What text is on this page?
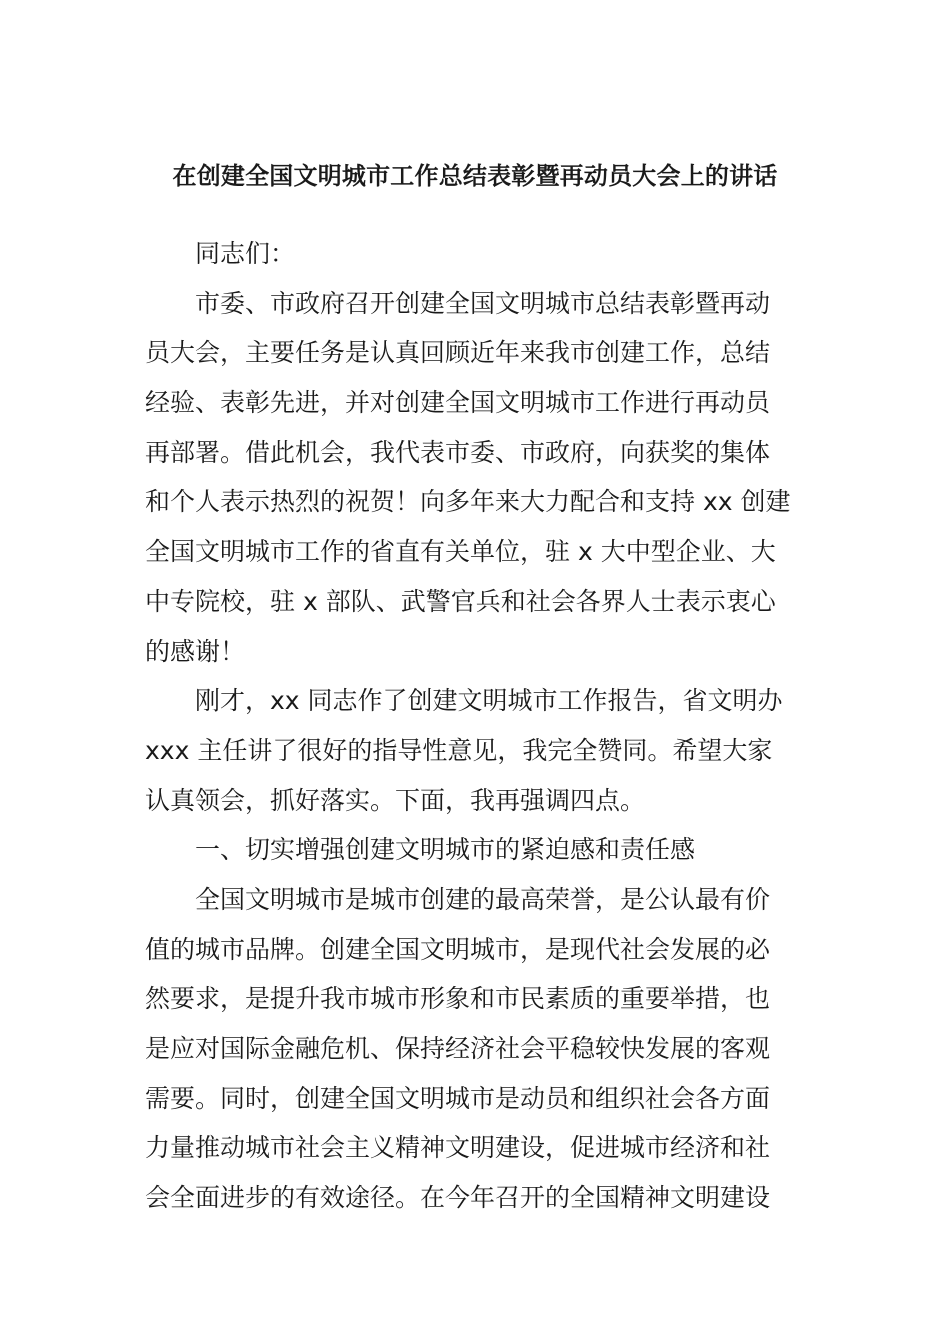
在创建全国文明城市工作总结表彰暨再动员大会上的讲话
同志们：
市委、市政府召开创建全国文明城市总结表彰暨再动
员大会，主要任务是认真回顾近年来我市创建工作，总结
经验、表彰先进，并对创建全国文明城市工作进行再动员
再部署。借此机会，我代表市委、市政府，向获奖的集体
和个人表示热烈的祝贺！向多年来大力配合和支持 xx 创建
全国文明城市工作的省直有关单位，驻 x 大中型企业、大
中专院校，驻 x 部队、武警官兵和社会各界人士表示衷心
的感谢！
刚才，xx 同志作了创建文明城市工作报告，省文明办
xxx 主任讲了很好的指导性意见，我完全赞同。希望大家
认真领会，抓好落实。下面，我再强调四点。
一、切实增强创建文明城市的紧迫感和责任感
全国文明城市是城市创建的最高荣誉，是公认最有价
值的城市品牌。创建全国文明城市，是现代社会发展的必
然要求，是提升我市城市形象和市民素质的重要举措，也
是应对国际金融危机、保持经济社会平稳较快发展的客观
需要。同时，创建全国文明城市是动员和组织社会各方面
力量推动城市社会主义精神文明建设，促进城市经济和社
会全面进步的有效途径。在今年召开的全国精神文明建设
